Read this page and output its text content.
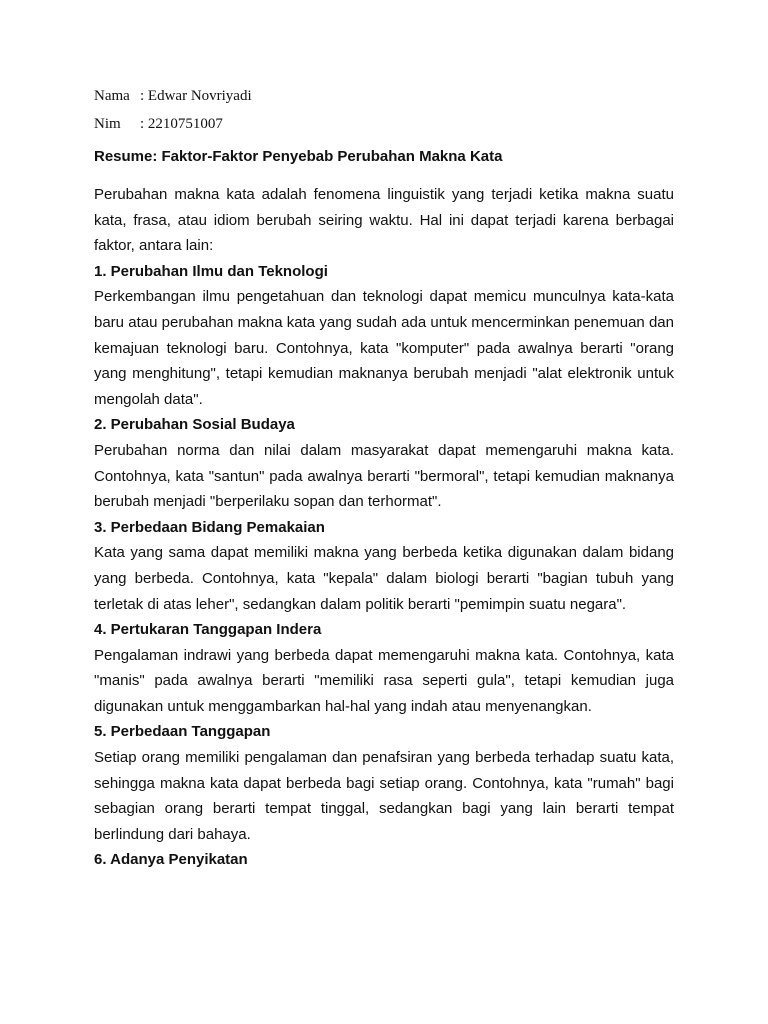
Nama : Edwar Novriyadi
Nim : 2210751007

Resume: Faktor-Faktor Penyebab Perubahan Makna Kata

Perubahan makna kata adalah fenomena linguistik yang terjadi ketika makna suatu kata, frasa, atau idiom berubah seiring waktu. Hal ini dapat terjadi karena berbagai faktor, antara lain:

1. Perubahan Ilmu dan Teknologi

Perkembangan ilmu pengetahuan dan teknologi dapat memicu munculnya kata-kata baru atau perubahan makna kata yang sudah ada untuk mencerminkan penemuan dan kemajuan teknologi baru. Contohnya, kata "komputer" pada awalnya berarti "orang yang menghitung", tetapi kemudian maknanya berubah menjadi "alat elektronik untuk mengolah data".

2. Perubahan Sosial Budaya

Perubahan norma dan nilai dalam masyarakat dapat memengaruhi makna kata. Contohnya, kata "santun" pada awalnya berarti "bermoral", tetapi kemudian maknanya berubah menjadi "berperilaku sopan dan terhormat".

3. Perbedaan Bidang Pemakaian

Kata yang sama dapat memiliki makna yang berbeda ketika digunakan dalam bidang yang berbeda. Contohnya, kata "kepala" dalam biologi berarti "bagian tubuh yang terletak di atas leher", sedangkan dalam politik berarti "pemimpin suatu negara".

4. Pertukaran Tanggapan Indera

Pengalaman indrawi yang berbeda dapat memengaruhi makna kata. Contohnya, kata "manis" pada awalnya berarti "memiliki rasa seperti gula", tetapi kemudian juga digunakan untuk menggambarkan hal-hal yang indah atau menyenangkan.

5. Perbedaan Tanggapan

Setiap orang memiliki pengalaman dan penafsiran yang berbeda terhadap suatu kata, sehingga makna kata dapat berbeda bagi setiap orang. Contohnya, kata "rumah" bagi sebagian orang berarti tempat tinggal, sedangkan bagi yang lain berarti tempat berlindung dari bahaya.

6. Adanya Penyikatan
